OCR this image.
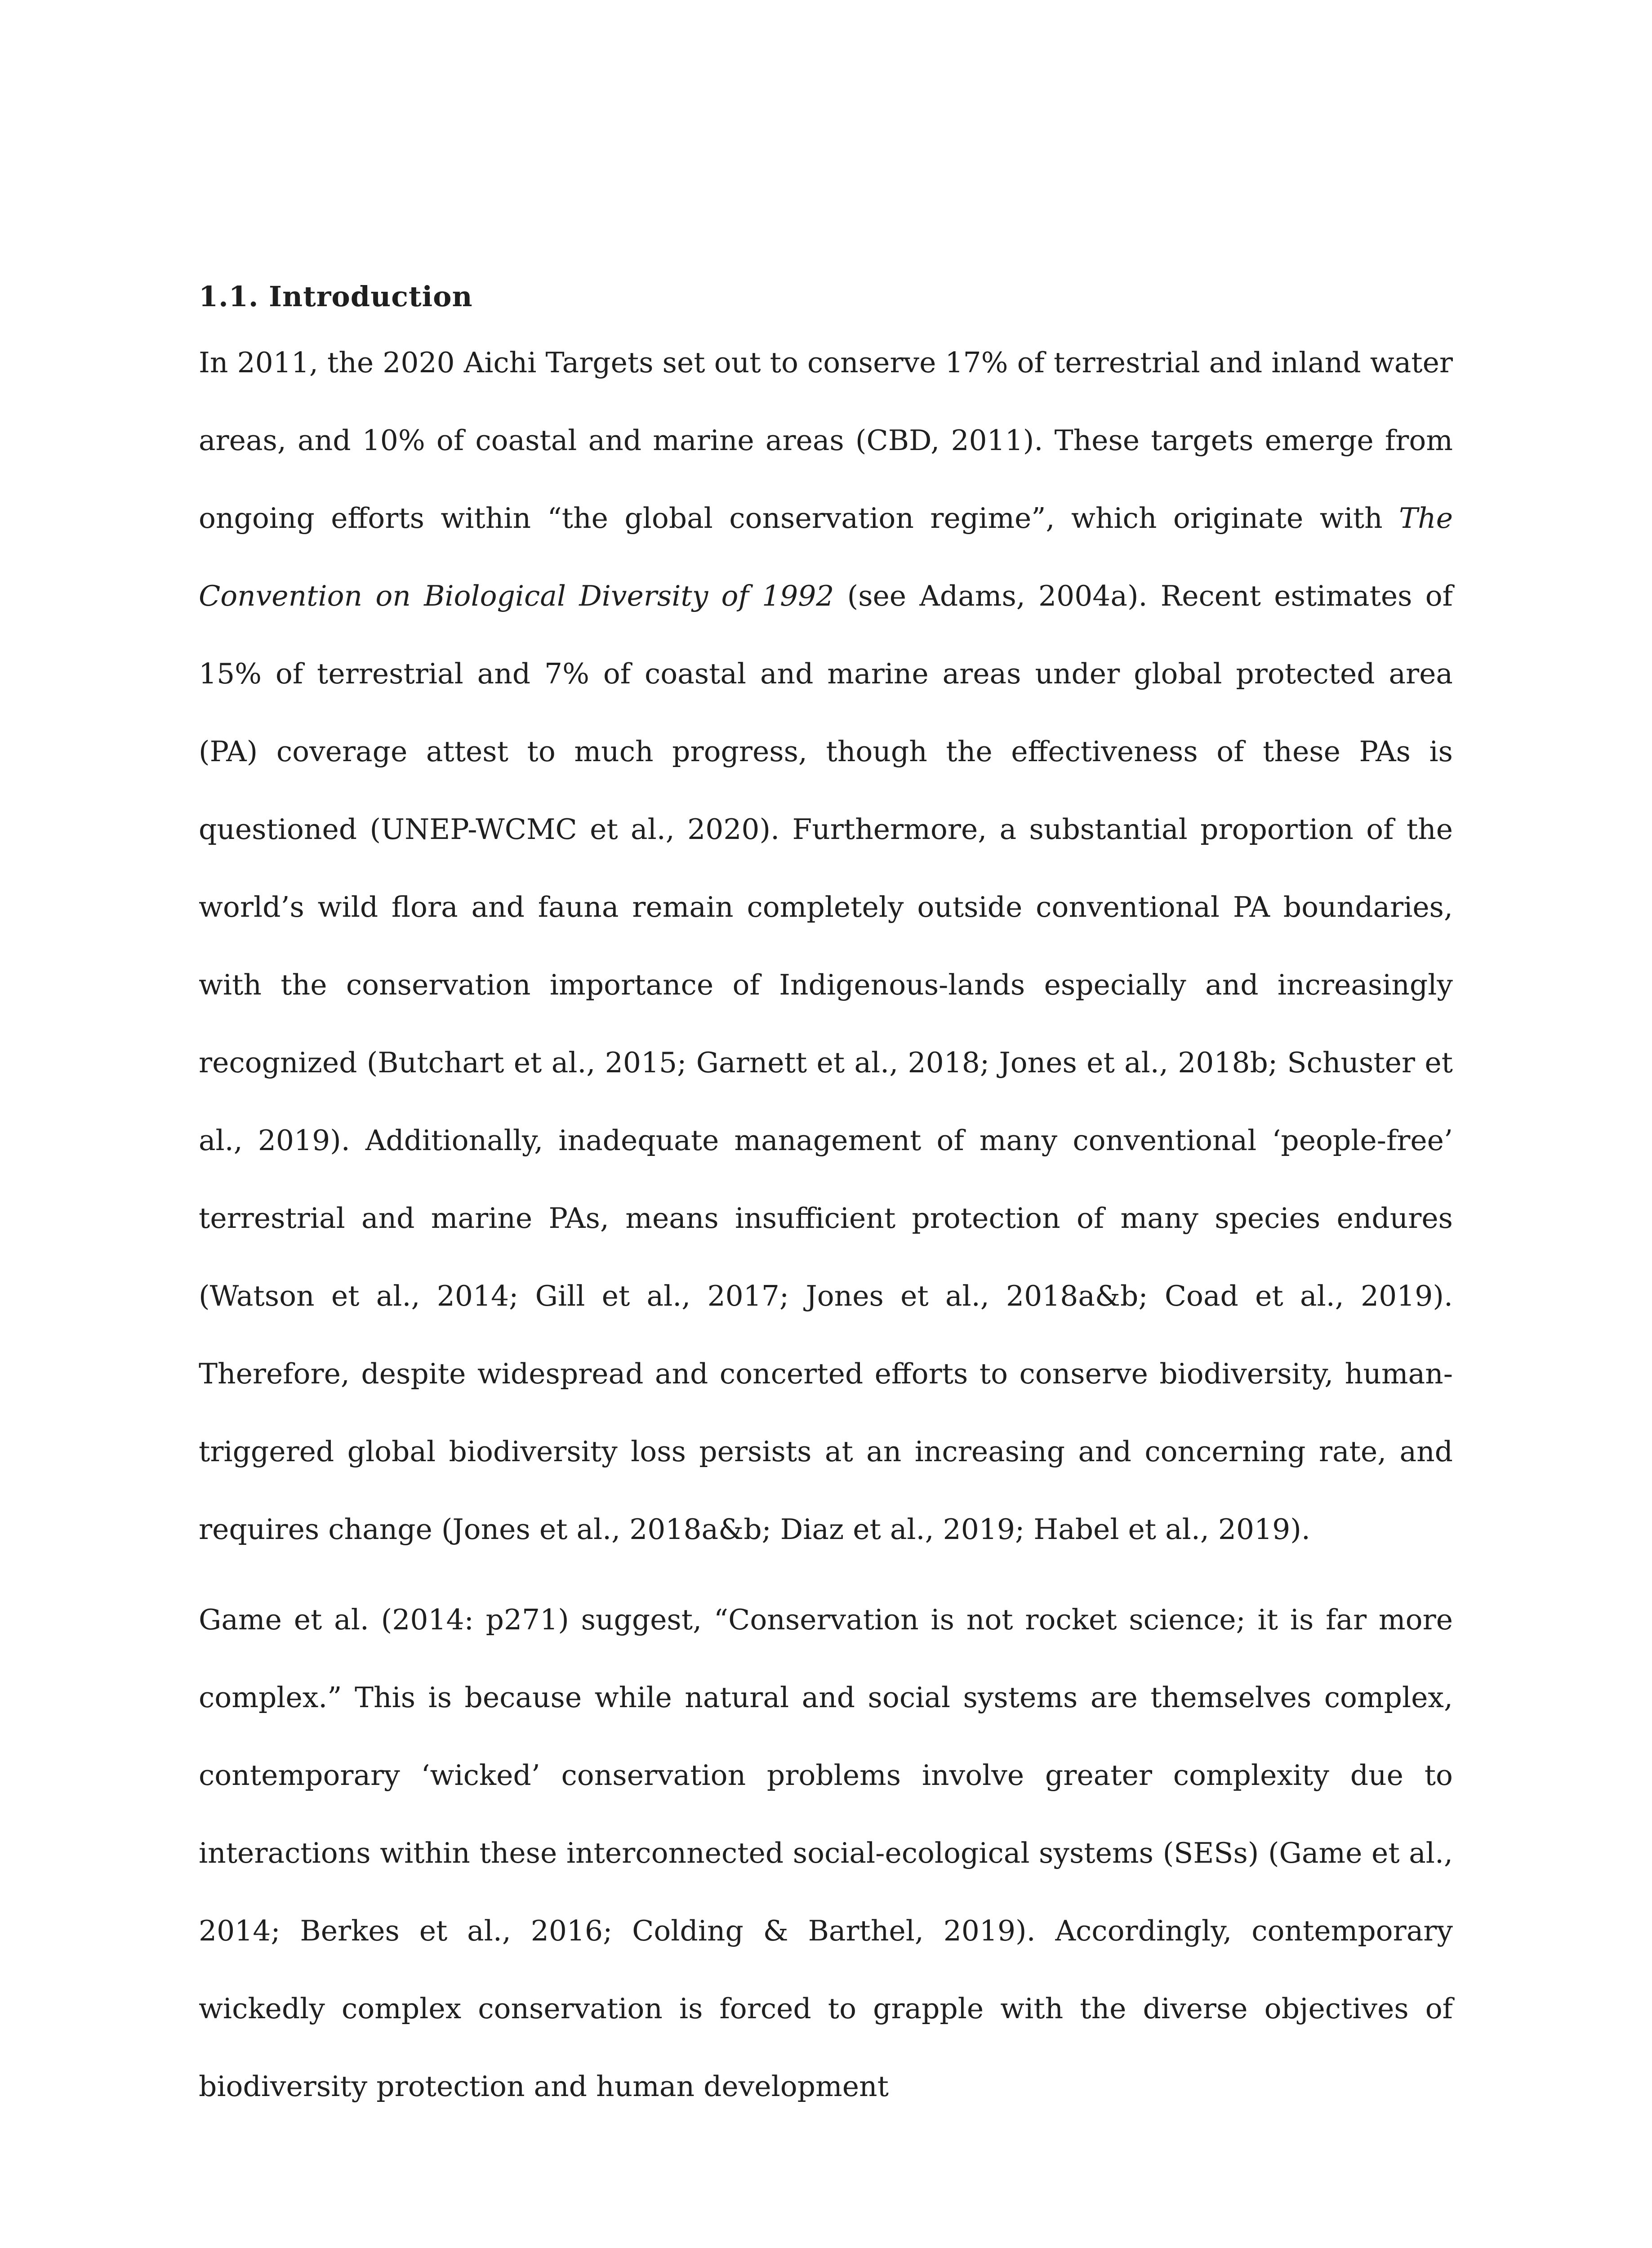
1.1. Introduction

In 2011, the 2020 Aichi Targets set out to conserve 17% of terrestrial and inland water areas, and 10% of coastal and marine areas (CBD, 2011). These targets emerge from ongoing efforts within “the global conservation regime”, which originate with The Convention on Biological Diversity of 1992 (see Adams, 2004a). Recent estimates of 15% of terrestrial and 7% of coastal and marine areas under global protected area (PA) coverage attest to much progress, though the effectiveness of these PAs is questioned (UNEP-WCMC et al., 2020). Furthermore, a substantial proportion of the world’s wild flora and fauna remain completely outside conventional PA boundaries, with the conservation importance of Indigenous-lands especially and increasingly recognized (Butchart et al., 2015; Garnett et al., 2018; Jones et al., 2018b; Schuster et al., 2019). Additionally, inadequate management of many conventional ‘people-free’ terrestrial and marine PAs, means insufficient protection of many species endures (Watson et al., 2014; Gill et al., 2017; Jones et al., 2018a&b; Coad et al., 2019). Therefore, despite widespread and concerted efforts to conserve biodiversity, human-triggered global biodiversity loss persists at an increasing and concerning rate, and requires change (Jones et al., 2018a&b; Diaz et al., 2019; Habel et al., 2019).

Game et al. (2014: p271) suggest, “Conservation is not rocket science; it is far more complex.” This is because while natural and social systems are themselves complex, contemporary ‘wicked’ conservation problems involve greater complexity due to interactions within these interconnected social-ecological systems (SESs) (Game et al., 2014; Berkes et al., 2016; Colding & Barthel, 2019). Accordingly, contemporary wickedly complex conservation is forced to grapple with the diverse objectives of biodiversity protection and human development
